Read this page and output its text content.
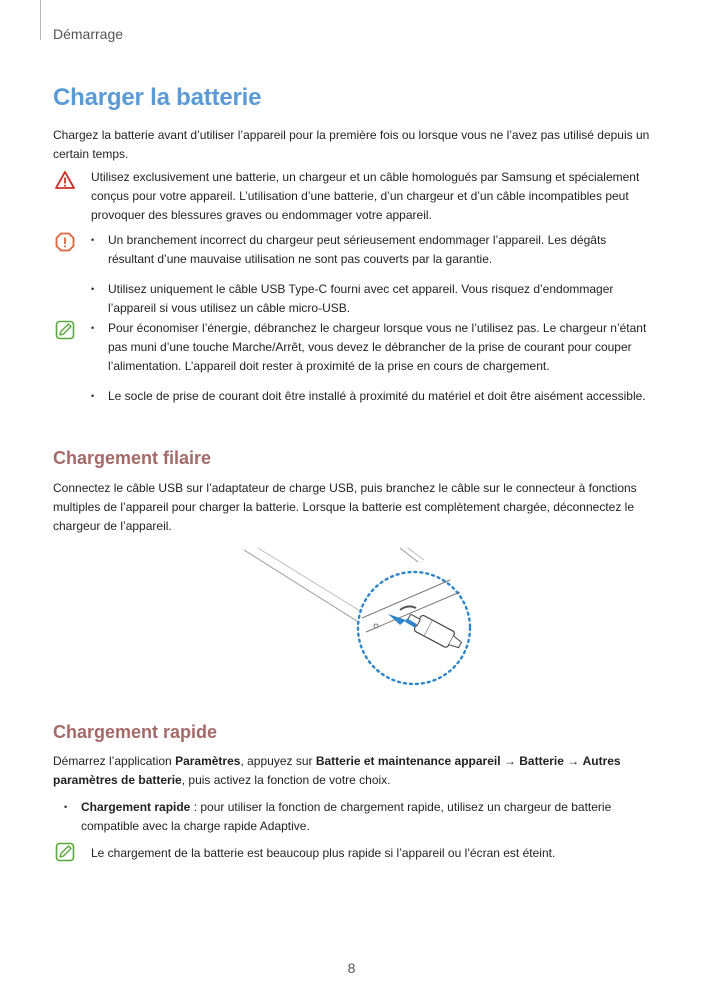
Démarrage
Charger la batterie

Chargez la batterie avant d’utiliser l’appareil pour la première fois ou lorsque vous ne l’avez pas utilisé depuis un certain temps.

Utilisez exclusivement une batterie, un chargeur et un câble homologués par Samsung et spécialement conçus pour votre appareil. L’utilisation d’une batterie, d’un chargeur et d’un câble incompatibles peut provoquer des blessures graves ou endommager votre appareil.

• Un branchement incorrect du chargeur peut sérieusement endommager l’appareil. Les dégâts résultant d’une mauvaise utilisation ne sont pas couverts par la garantie.
• Utilisez uniquement le câble USB Type-C fourni avec cet appareil. Vous risquez d’endommager l’appareil si vous utilisez un câble micro-USB.
• Pour économiser l’énergie, débranchez le chargeur lorsque vous ne l’utilisez pas. Le chargeur n’étant pas muni d’une touche Marche/Arrêt, vous devez le débrancher de la prise de courant pour couper l’alimentation. L’appareil doit rester à proximité de la prise en cours de chargement.
• Le socle de prise de courant doit être installé à proximité du matériel et doit être aisément accessible.
Chargement filaire

Connectez le câble USB sur l’adaptateur de charge USB, puis branchez le câble sur le connecteur à fonctions multiples de l’appareil pour charger la batterie. Lorsque la batterie est complètement chargée, déconnectez le chargeur de l’appareil.

Chargement rapide

Démarrez l’application Paramètres, appuyez sur Batterie et maintenance appareil → Batterie → Autres paramètres de batterie, puis activez la fonction de votre choix.

• Chargement rapide : pour utiliser la fonction de chargement rapide, utilisez un chargeur de batterie compatible avec la charge rapide Adaptive.

Le chargement de la batterie est beaucoup plus rapide si l’appareil ou l’écran est éteint.

8
